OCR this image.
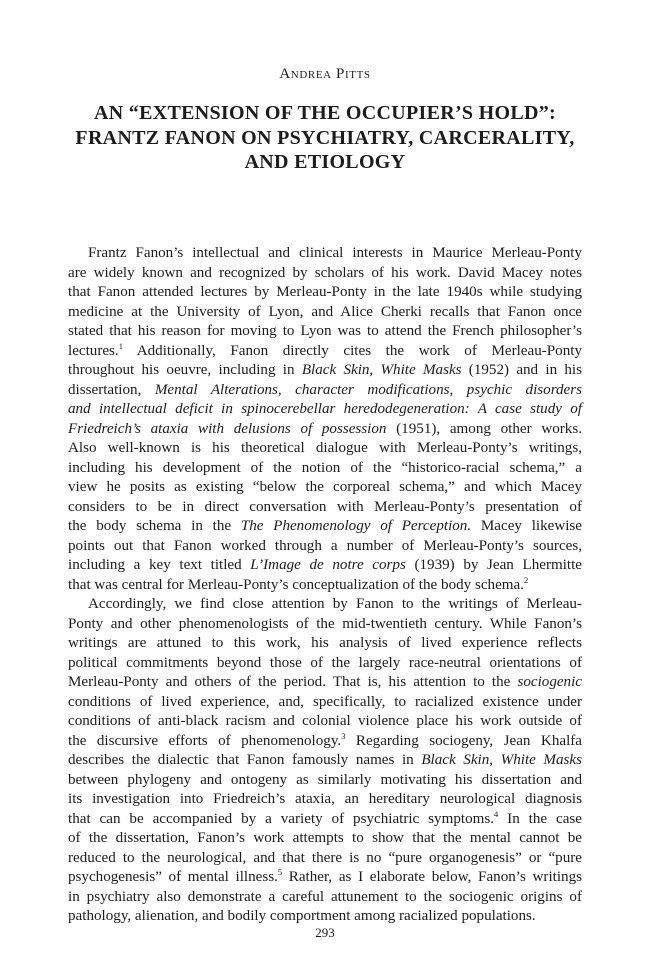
Andrea Pitts
AN “EXTENSION OF THE OCCUPIER’S HOLD”:
FRANTZ FANON ON PSYCHIATRY, CARCERALITY,
AND ETIOLOGY
Frantz Fanon’s intellectual and clinical interests in Maurice Merleau-Ponty
are widely known and recognized by scholars of his work. David Macey notes
that Fanon attended lectures by Merleau-Ponty in the late 1940s while studying
medicine at the University of Lyon, and Alice Cherki recalls that Fanon once
stated that his reason for moving to Lyon was to attend the French philosopher’s
lectures.$^1$ Additionally, Fanon directly cites the work of Merleau-Ponty
throughout his oeuvre, including in Black Skin, White Masks (1952) and in his
dissertation, Mental Alterations, character modifications, psychic disorders
and intellectual deficit in spinocerebellar heredodegeneration: A case study of
Friedreich’s ataxia with delusions of possession (1951), among other works.
Also well-known is his theoretical dialogue with Merleau-Ponty’s writings,
including his development of the notion of the “historico-racial schema,” a
view he posits as existing “below the corporeal schema,” and which Macey
considers to be in direct conversation with Merleau-Ponty’s presentation of
the body schema in the The Phenomenology of Perception. Macey likewise
points out that Fanon worked through a number of Merleau-Ponty’s sources,
including a key text titled L’Image de notre corps (1939) by Jean Lhermitte
that was central for Merleau-Ponty’s conceptualization of the body schema.$^2$
Accordingly, we find close attention by Fanon to the writings of Merleau-
Ponty and other phenomenologists of the mid-twentieth century. While Fanon’s
writings are attuned to this work, his analysis of lived experience reflects
political commitments beyond those of the largely race-neutral orientations of
Merleau-Ponty and others of the period. That is, his attention to the sociogenic
conditions of lived experience, and, specifically, to racialized existence under
conditions of anti-black racism and colonial violence place his work outside of
the discursive efforts of phenomenology.$^3$ Regarding sociogeny, Jean Khalfa
describes the dialectic that Fanon famously names in Black Skin, White Masks
between phylogeny and ontogeny as similarly motivating his dissertation and
its investigation into Friedreich’s ataxia, an hereditary neurological diagnosis
that can be accompanied by a variety of psychiatric symptoms.$^4$ In the case
of the dissertation, Fanon’s work attempts to show that the mental cannot be
reduced to the neurological, and that there is no “pure organogenesis” or “pure
psychogenesis” of mental illness.$^5$ Rather, as I elaborate below, Fanon’s writings
in psychiatry also demonstrate a careful attunement to the sociogenic origins of
pathology, alienation, and bodily comportment among racialized populations.
293
